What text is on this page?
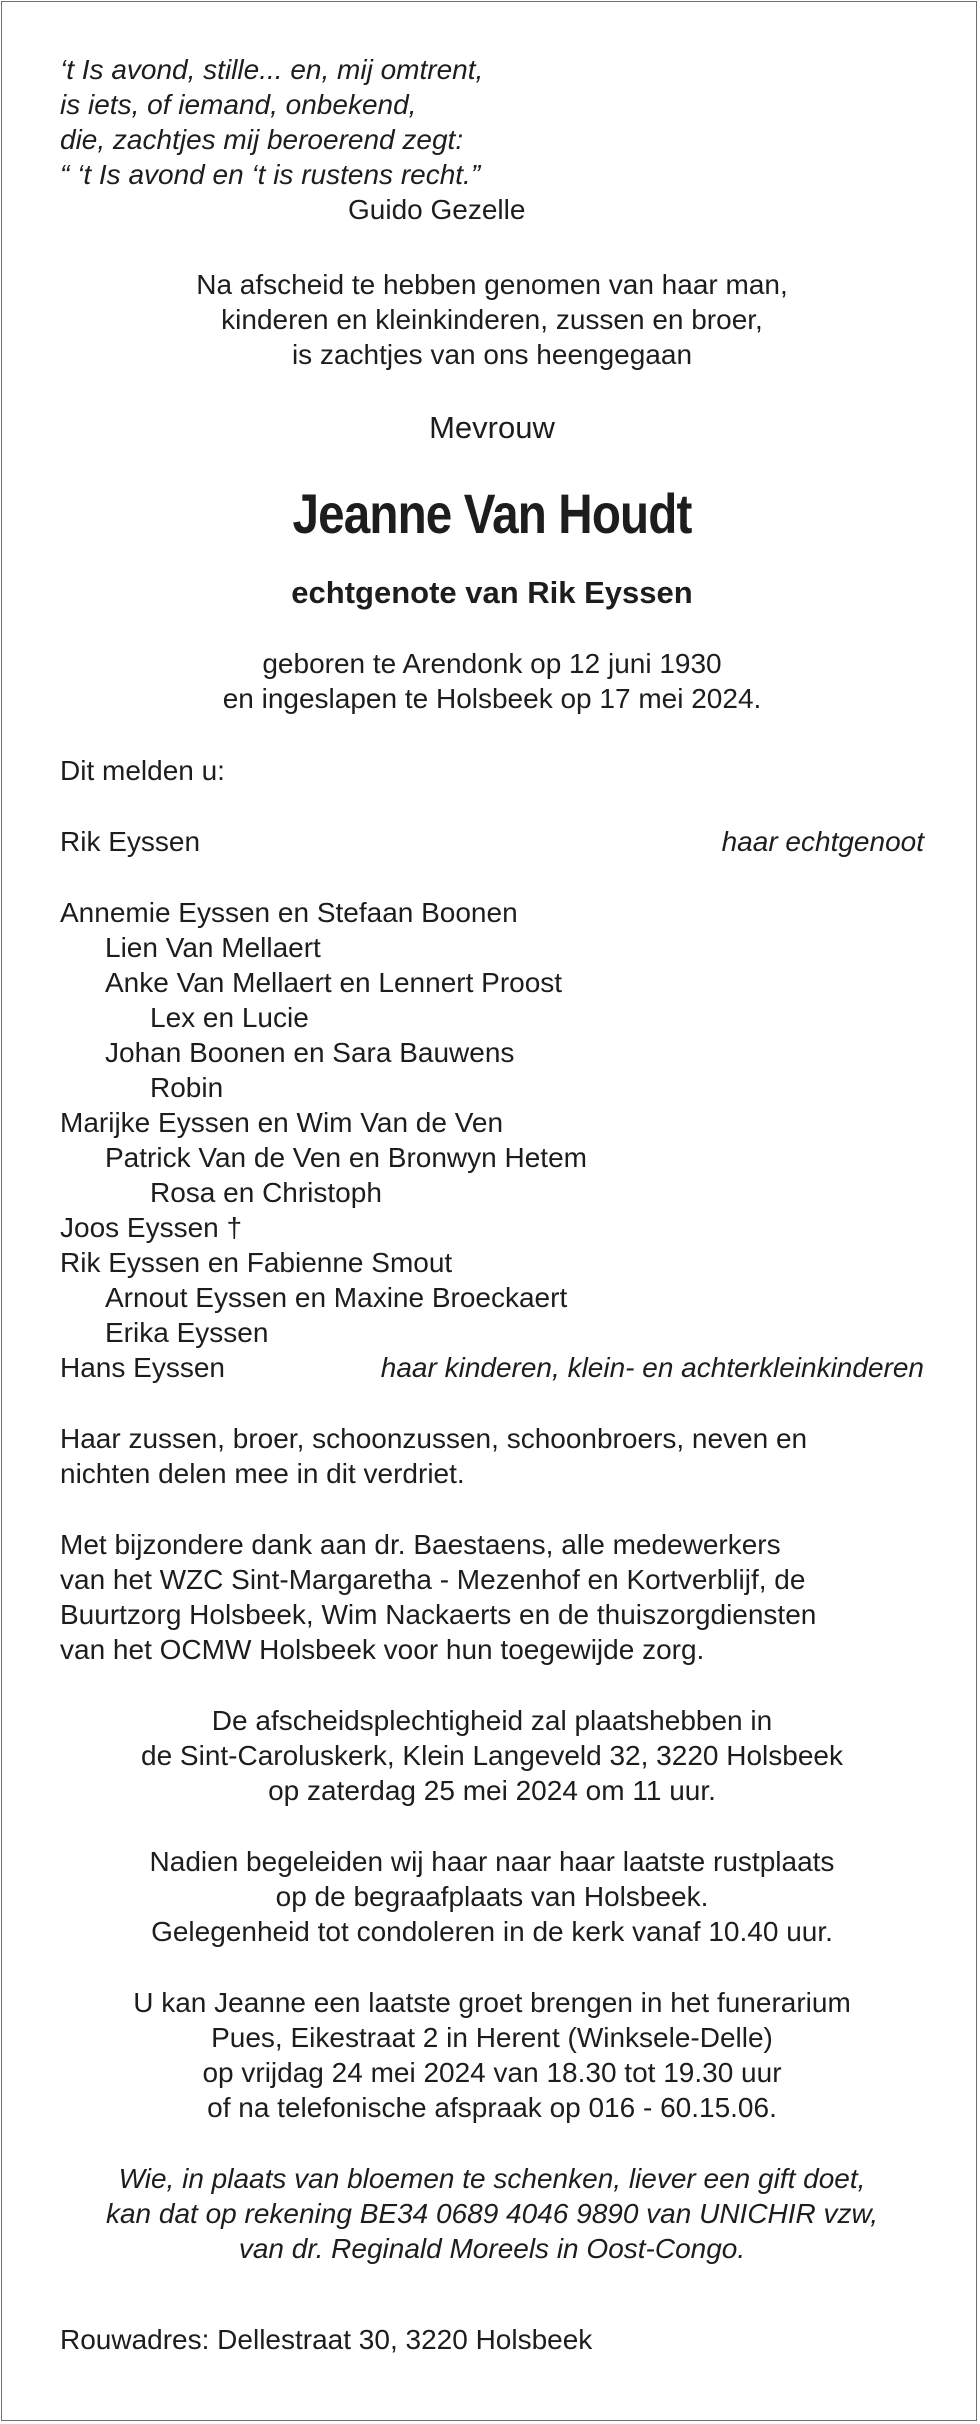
‘t Is avond, stille... en, mij omtrent,
is iets, of iemand, onbekend,
die, zachtjes mij beroerend zegt:
“ ‘t Is avond en ‘t is rustens recht.”
Guido Gezelle
Na afscheid te hebben genomen van haar man,
kinderen en kleinkinderen, zussen en broer,
is zachtjes van ons heengegaan
Mevrouw
Jeanne Van Houdt
echtgenote van Rik Eyssen
geboren te Arendonk op 12 juni 1930
en ingeslapen te Holsbeek op 17 mei 2024.
Dit melden u:
Rik Eyssen	haar echtgenoot
Annemie Eyssen en Stefaan Boonen
Lien Van Mellaert
Anke Van Mellaert en Lennert Proost
Lex en Lucie
Johan Boonen en Sara Bauwens
Robin
Marijke Eyssen en Wim Van de Ven
Patrick Van de Ven en Bronwyn Hetem
Rosa en Christoph
Joos Eyssen †
Rik Eyssen en Fabienne Smout
Arnout Eyssen en Maxine Broeckaert
Erika Eyssen
Hans Eyssen	haar kinderen, klein- en achterkleinkinderen
Haar zussen, broer, schoonzussen, schoonbroers, neven en
nichten delen mee in dit verdriet.
Met bijzondere dank aan dr. Baestaens, alle medewerkers
van het WZC Sint-Margaretha - Mezenhof en Kortverblijf, de
Buurtzorg Holsbeek, Wim Nackaerts en de thuiszorgdiensten
van het OCMW Holsbeek voor hun toegewijde zorg.
De afscheidsplechtigheid zal plaatshebben in
de Sint-Caroluskerk, Klein Langeveld 32, 3220 Holsbeek
op zaterdag 25 mei 2024 om 11 uur.
Nadien begeleiden wij haar naar haar laatste rustplaats
op de begraafplaats van Holsbeek.
Gelegenheid tot condoleren in de kerk vanaf 10.40 uur.
U kan Jeanne een laatste groet brengen in het funerarium
Pues, Eikestraat 2 in Herent (Winksele-Delle)
op vrijdag 24 mei 2024 van 18.30 tot 19.30 uur
of na telefonische afspraak op 016 - 60.15.06.
Wie, in plaats van bloemen te schenken, liever een gift doet,
kan dat op rekening BE34 0689 4046 9890 van UNICHIR vzw,
van dr. Reginald Moreels in Oost-Congo.
Rouwadres: Dellestraat 30, 3220 Holsbeek
